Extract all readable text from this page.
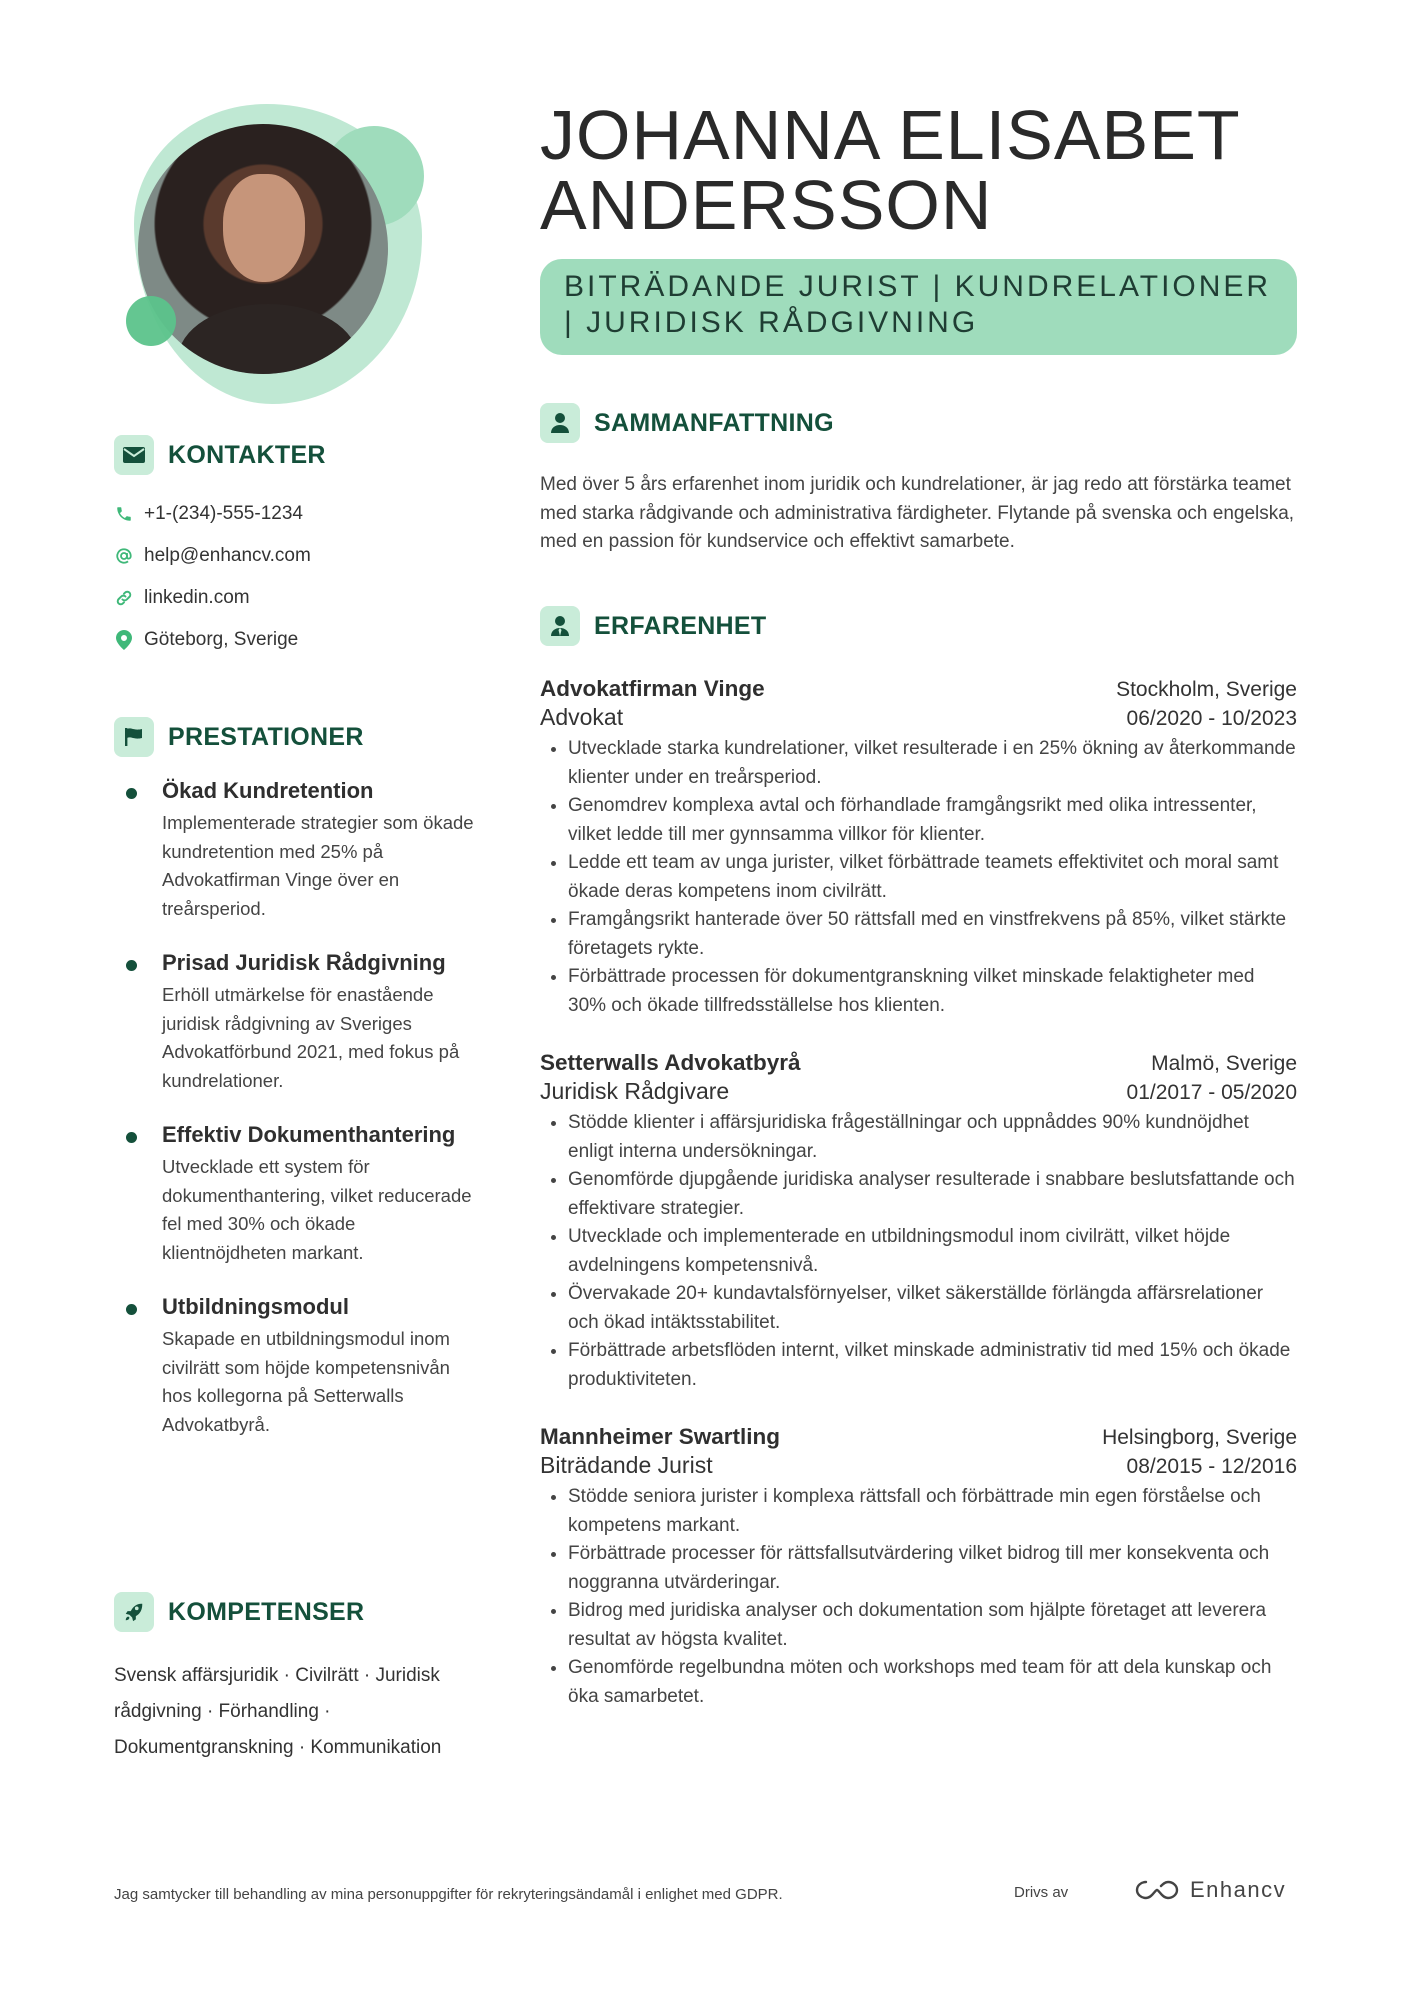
KONTAKTER
+1-(234)-555-1234
help@enhancv.com
linkedin.com
Göteborg, Sverige
PRESTATIONER
Ökad Kundretention
Implementerade strategier som ökade kundretention med 25% på Advokatfirman Vinge över en treårsperiod.
Prisad Juridisk Rådgivning
Erhöll utmärkelse för enastående juridisk rådgivning av Sveriges Advokatförbund 2021, med fokus på kundrelationer.
Effektiv Dokumenthantering
Utvecklade ett system för dokumenthantering, vilket reducerade fel med 30% och ökade klientnöjdheten markant.
Utbildningsmodul
Skapade en utbildningsmodul inom civilrätt som höjde kompetensnivån hos kollegorna på Setterwalls Advokatbyrå.
KOMPETENSER
Svensk affärsjuridik · Civilrätt · Juridisk rådgivning · Förhandling · Dokumentgranskning · Kommunikation
JOHANNA ELISABET ANDERSSON
BITRÄDANDE JURIST | KUNDRELATIONER | JURIDISK RÅDGIVNING
SAMMANFATTNING
Med över 5 års erfarenhet inom juridik och kundrelationer, är jag redo att förstärka teamet med starka rådgivande och administrativa färdigheter. Flytande på svenska och engelska, med en passion för kundservice och effektivt samarbete.
ERFARENHET
Advokatfirman Vinge	Stockholm, Sverige
Advokat	06/2020 - 10/2023
• Utvecklade starka kundrelationer, vilket resulterade i en 25% ökning av återkommande klienter under en treårsperiod.
• Genomdrev komplexa avtal och förhandlade framgångsrikt med olika intressenter, vilket ledde till mer gynnsamma villkor för klienter.
• Ledde ett team av unga jurister, vilket förbättrade teamets effektivitet och moral samt ökade deras kompetens inom civilrätt.
• Framgångsrikt hanterade över 50 rättsfall med en vinstfrekvens på 85%, vilket stärkte företagets rykte.
• Förbättrade processen för dokumentgranskning vilket minskade felaktigheter med 30% och ökade tillfredsställelse hos klienten.
Setterwalls Advokatbyrå	Malmö, Sverige
Juridisk Rådgivare	01/2017 - 05/2020
• Stödde klienter i affärsjuridiska frågeställningar och uppnåddes 90% kundnöjdhet enligt interna undersökningar.
• Genomförde djupgående juridiska analyser resulterade i snabbare beslutsfattande och effektivare strategier.
• Utvecklade och implementerade en utbildningsmodul inom civilrätt, vilket höjde avdelningens kompetensnivå.
• Övervakade 20+ kundavtalsförnyelser, vilket säkerställde förlängda affärsrelationer och ökad intäktsstabilitet.
• Förbättrade arbetsflöden internt, vilket minskade administrativ tid med 15% och ökade produktiviteten.
Mannheimer Swartling	Helsingborg, Sverige
Biträdande Jurist	08/2015 - 12/2016
• Stödde seniora jurister i komplexa rättsfall och förbättrade min egen förståelse och kompetens markant.
• Förbättrade processer för rättsfallsutvärdering vilket bidrog till mer konsekventa och noggranna utvärderingar.
• Bidrog med juridiska analyser och dokumentation som hjälpte företaget att leverera resultat av högsta kvalitet.
• Genomförde regelbundna möten och workshops med team för att dela kunskap och öka samarbetet.
Jag samtycker till behandling av mina personuppgifter för rekryteringsändamål i enlighet med GDPR.	Drivs av	Enhancv
